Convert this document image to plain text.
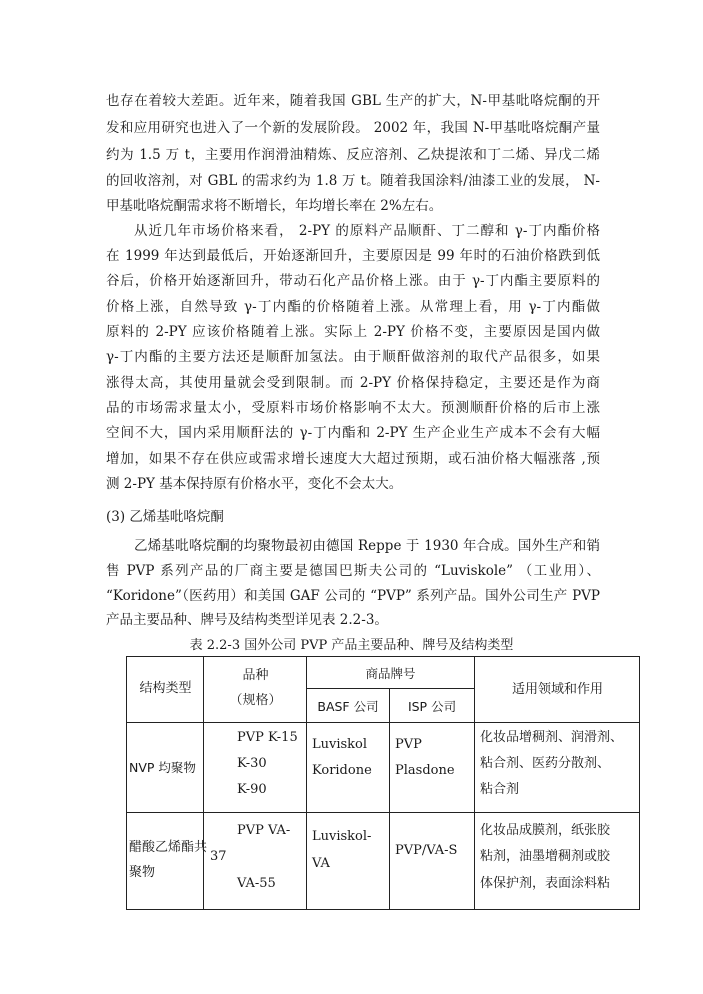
也存在着较大差距。近年来，随着我国 GBL 生产的扩大，N-甲基吡咯烷酮的开
发和应用研究也进入了一个新的发展阶段。 2002 年，我国 N-甲基吡咯烷酮产量
约为 1.5 万 t，主要用作润滑油精炼、反应溶剂、乙炔提浓和丁二烯、异戊二烯
的回收溶剂，对 GBL 的需求约为 1.8 万 t。随着我国涂料/油漆工业的发展， N-
甲基吡咯烷酮需求将不断增长，年均增长率在 2%左右。
从近几年市场价格来看， 2-PY 的原料产品顺酐、丁二醇和 γ-丁内酯价格
在 1999 年达到最低后，开始逐渐回升，主要原因是 99 年时的石油价格跌到低
谷后，价格开始逐渐回升，带动石化产品价格上涨。由于 γ-丁内酯主要原料的
价格上涨，自然导致 γ-丁内酯的价格随着上涨。从常理上看，用 γ-丁内酯做
原料的 2-PY 应该价格随着上涨。实际上 2-PY 价格不变，主要原因是国内做
γ-丁内酯的主要方法还是顺酐加氢法。由于顺酐做溶剂的取代产品很多，如果
涨得太高，其使用量就会受到限制。而 2-PY 价格保持稳定，主要还是作为商
品的市场需求量太小，受原料市场价格影响不太大。预测顺酐价格的后市上涨
空间不大，国内采用顺酐法的 γ-丁内酯和 2-PY 生产企业生产成本不会有大幅
增加，如果不存在供应或需求增长速度大大超过预期，或石油价格大幅涨落 ,预
测 2-PY 基本保持原有价格水平，变化不会太大。
(3) 乙烯基吡咯烷酮
乙烯基吡咯烷酮的均聚物最初由德国 Reppe 于 1930 年合成。国外生产和销
售 PVP 系列产品的厂商主要是德国巴斯夫公司的 “Luviskole” （工业用）、
“Koridone”（医药用）和美国 GAF 公司的 “PVP” 系列产品。国外公司生产 PVP
产品主要品种、牌号及结构类型详见表 2.2-3。
表 2.2-3 国外公司 PVP 产品主要品种、牌号及结构类型
结构类型	品种
（规格）	商品牌号		适用领域和作用

		BASF 公司	ISP 公司	

NVP 均聚物	PVP K-15
K-30
K-90	Luviskol
Koridone	PVP
Plasdone	化妆品增稠剂、润滑剂、
粘合剂、医药分散剂、
粘合剂

醋酸乙烯酯共
聚物	PVP VA-
37
VA-55	Luviskol-
VA	PVP/VA-S	化妆品成膜剂，纸张胶
粘剂，油墨增稠剂或胶
体保护剂，表面涂料粘
